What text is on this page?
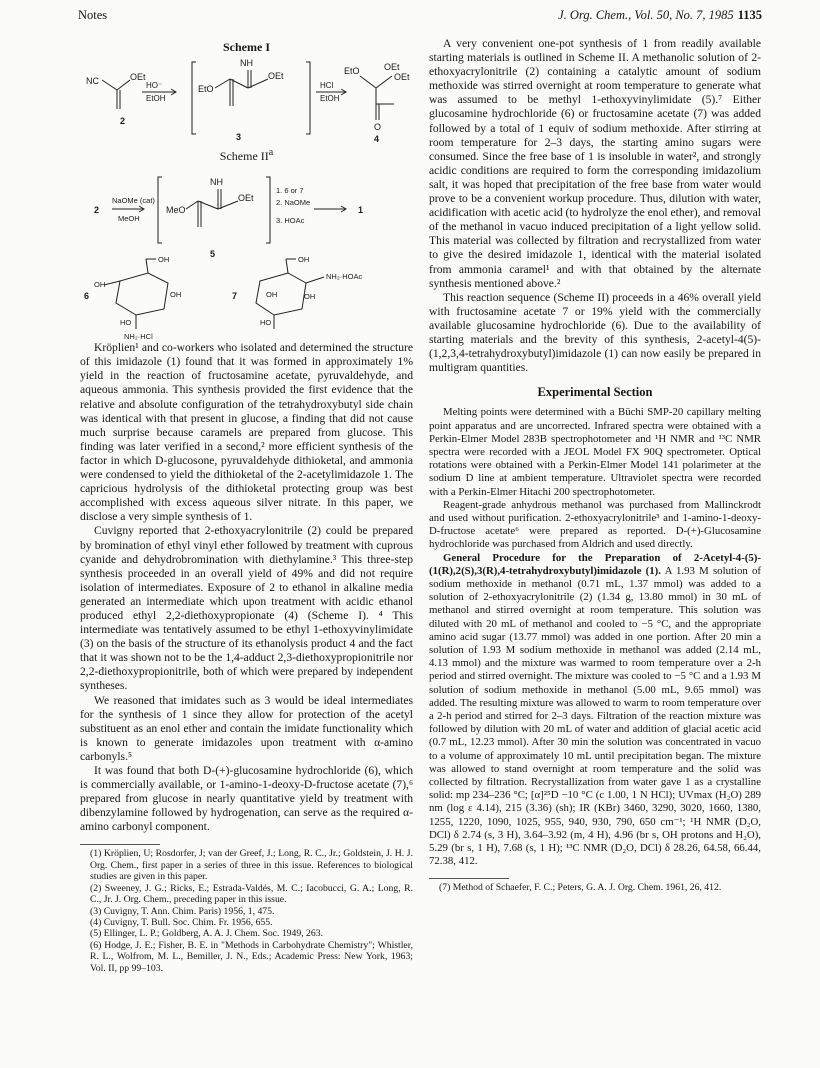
Notes	J. Org. Chem., Vol. 50, No. 7, 1985 1135
Scheme I
NC	OEt
HO⁻
EtOH
NH
OEt
EtO	HCl
EtOH
EtO	OEt
OEt
O
2
3	4
Scheme $II^a$
2
NaOMe (cat)
MeOH
NH
OEt
MeO
1. 6 or 7
2. NaOMe
3. HOAc
1
5
OH
OH
OH
HO
NH₂·HCl
OH
OH
HO
NH₂·HOAc
OH
6	7

Kröplien¹ and co-workers who isolated and determined the structure of this imidazole (1) found that it was formed in approximately 1% yield in the reaction of fructosamine acetate, pyruvaldehyde, and aqueous ammonia. This synthesis provided the first evidence that the relative and absolute configuration of the tetrahydroxybutyl side chain was identical with that present in glucose, a finding that did not cause much surprise because caramels are prepared from glucose. This finding was later verified in a second,² more efficient synthesis of the factor in which D-glucosone, pyruvaldehyde dithioketal, and ammonia were condensed to yield the dithioketal of the 2-acetylimidazole 1. The capricious hydrolysis of the dithioketal protecting group was best accomplished with excess aqueous silver nitrate. In this paper, we disclose a very simple synthesis of 1.

Cuvigny reported that 2-ethoxyacrylonitrile (2) could be prepared by bromination of ethyl vinyl ether followed by treatment with cuprous cyanide and dehydrobromination with diethylamine.³ This three-step synthesis proceeded in an overall yield of 49% and did not require isolation of intermediates. Exposure of 2 to ethanol in alkaline media generated an intermediate which upon treatment with acidic ethanol produced ethyl 2,2-diethoxypropionate (4) (Scheme I). ⁴ This intermediate was tentatively assumed to be ethyl 1-ethoxyvinylimidate (3) on the basis of the structure of its ethanolysis product 4 and the fact that it was shown not to be the 1,4-adduct 2,3-diethoxypropionitrile nor 2,2-diethoxypropionitrile, both of which were prepared by independent syntheses.

We reasoned that imidates such as 3 would be ideal intermediates for the synthesis of 1 since they allow for protection of the acetyl substituent as an enol ether and contain the imidate functionality which is known to generate imidazoles upon treatment with α-amino carbonyls.⁵

It was found that both D-(+)-glucosamine hydrochloride (6), which is commercially available, or 1-amino-1-deoxy-D-fructose acetate (7),⁶ prepared from glucose in nearly quantitative yield by treatment with dibenzylamine followed by hydrogenation, can serve as the required α-amino carbonyl component.

(1) Kröplien, U; Rosdorfer, J; van der Greef, J.; Long, R. C., Jr.; Goldstein, J. H. J. Org. Chem., first paper in a series of three in this issue. References to biological studies are given in this paper.

(2) Sweeney, J. G.; Ricks, E.; Estrada-Valdés, M. C.; Iacobucci, G. A.; Long, R. C., Jr. J. Org. Chem., preceding paper in this issue.

(3) Cuvigny, T. Ann. Chim. Paris) 1956, 1, 475.

(4) Cuvigny, T. Bull. Soc. Chim. Fr. 1956, 655.

(5) Ellinger, L. P.; Goldberg, A. A. J. Chem. Soc. 1949, 263.

(6) Hodge, J. E.; Fisher, B. E. in "Methods in Carbohydrate Chemistry"; Whistler, R. L., Wolfrom, M. L., Bemiller, J. N., Eds.; Academic Press: New York, 1963; Vol. II, pp 99–103.

A very convenient one-pot synthesis of 1 from readily available starting materials is outlined in Scheme II. A methanolic solution of 2-ethoxyacrylonitrile (2) containing a catalytic amount of sodium methoxide was stirred overnight at room temperature to generate what was assumed to be methyl 1-ethoxyvinylimidate (5).⁷ Either glucosamine hydrochloride (6) or fructosamine acetate (7) was added followed by a total of 1 equiv of sodium methoxide. After stirring at room temperature for 2–3 days, the starting amino sugars were consumed. Since the free base of 1 is insoluble in water², and strongly acidic conditions are required to form the corresponding imidazolium salt, it was hoped that precipitation of the free base from water would prove to be a convenient workup procedure. Thus, dilution with water, acidification with acetic acid (to hydrolyze the enol ether), and removal of the methanol in vacuo induced precipitation of a light yellow solid. This material was collected by filtration and recrystallized from water to give the desired imidazole 1, identical with the material isolated from ammonia caramel¹ and with that obtained by the alternate synthesis mentioned above.²

This reaction sequence (Scheme II) proceeds in a 46% overall yield with fructosamine acetate 7 or 19% yield with the commercially available glucosamine hydrochloride (6). Due to the availability of starting materials and the brevity of this synthesis, 2-acetyl-4(5)-(1,2,3,4-tetrahydroxybutyl)imidazole (1) can now easily be prepared in multigram quantities.

Experimental Section

Melting points were determined with a Büchi SMP-20 capillary melting point apparatus and are uncorrected. Infrared spectra were obtained with a Perkin-Elmer Model 283B spectrophotometer and ¹H NMR and ¹³C NMR spectra were recorded with a JEOL Model FX 90Q spectrometer. Optical rotations were obtained with a Perkin-Elmer Model 141 polarimeter at the sodium D line at ambient temperature. Ultraviolet spectra were recorded with a Perkin-Elmer Hitachi 200 spectrophotometer.

Reagent-grade anhydrous methanol was purchased from Mallinckrodt and used without purification. 2-ethoxyacrylonitrile³ and 1-amino-1-deoxy-D-fructose acetate⁶ were prepared as reported. D-(+)-Glucosamine hydrochloride was purchased from Aldrich and used directly.

General Procedure for the Preparation of 2-Acetyl-4-(5)-(1(R),2(S),3(R),4-tetrahydroxybutyl)imidazole (1). A 1.93 M solution of sodium methoxide in methanol (0.71 mL, 1.37 mmol) was added to a solution of 2-ethoxyacrylonitrile (2) (1.34 g, 13.80 mmol) in 30 mL of methanol and stirred overnight at room temperature. This solution was diluted with 20 mL of methanol and cooled to −5 °C, and the appropriate amino acid sugar (13.77 mmol) was added in one portion. After 20 min a solution of 1.93 M sodium methoxide in methanol was added (2.14 mL, 4.13 mmol) and the mixture was warmed to room temperature over a 2-h period and stirred overnight. The mixture was cooled to −5 °C and a 1.93 M solution of sodium methoxide in methanol (5.00 mL, 9.65 mmol) was added. The resulting mixture was allowed to warm to room temperature over a 2-h period and stirred for 2–3 days. Filtration of the reaction mixture was followed by dilution with 20 mL of water and addition of glacial acetic acid (0.7 mL, 12.23 mmol). After 30 min the solution was concentrated in vacuo to a volume of approximately 10 mL until precipitation began. The mixture was allowed to stand overnight at room temperature and the solid was collected by filtration. Recrystallization from water gave 1 as a crystalline solid: mp 234–236 °C; [α]²⁵D −10 °C (c 1.00, 1 N HCl); UVmax (H₂O) 289 nm (log ε 4.14), 215 (3.36) (sh); IR (KBr) 3460, 3290, 3020, 1660, 1380, 1255, 1220, 1090, 1025, 955, 940, 930, 790, 650 cm⁻¹; ¹H NMR (D₂O, DCl) δ 2.74 (s, 3 H), 3.64–3.92 (m, 4 H), 4.96 (br s, OH protons and H₂O), 5.29 (br s, 1 H), 7.68 (s, 1 H); ¹³C NMR (D₂O, DCl) δ 28.26, 64.58, 66.44, 72.38, 412.

(7) Method of Schaefer, F. C.; Peters, G. A. J. Org. Chem. 1961, 26, 412.
